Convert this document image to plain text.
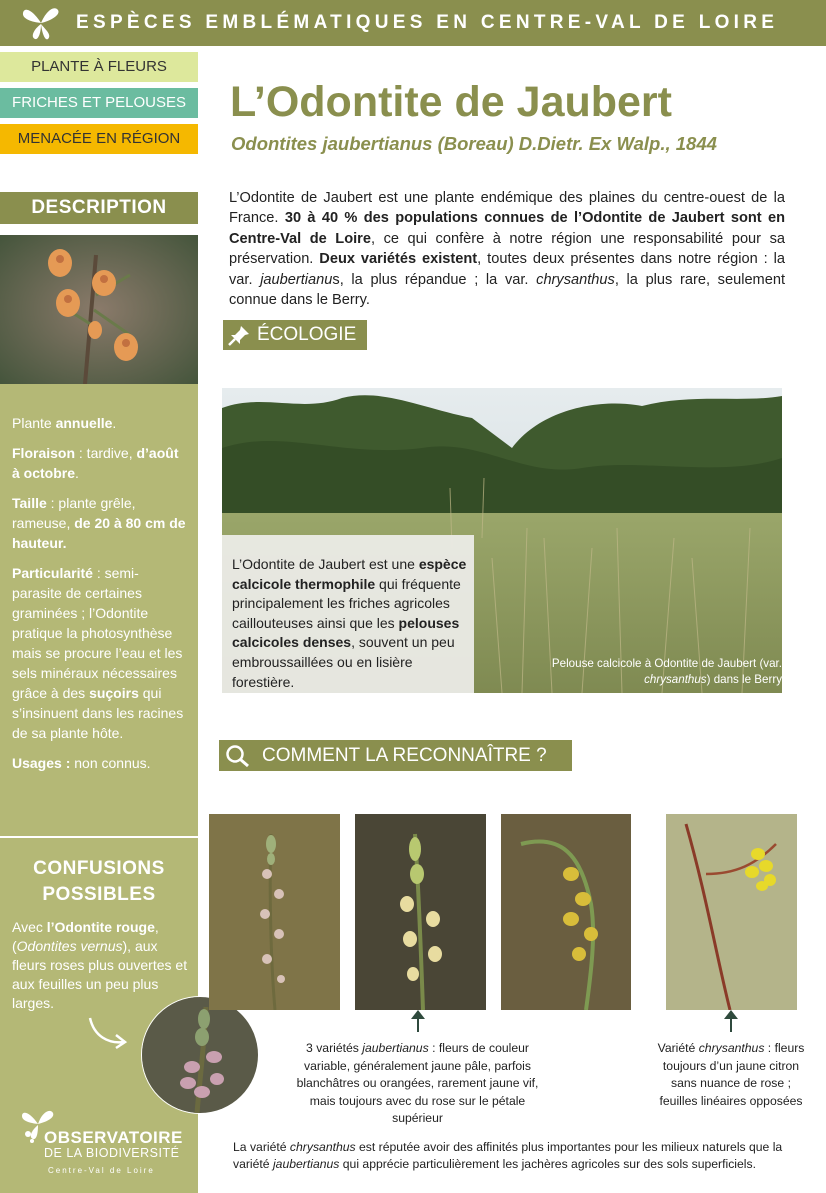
ESPÈCES EMBLÉMATIQUES EN CENTRE-VAL DE LOIRE
PLANTE À FLEURS
FRICHES ET PELOUSES
MENACÉE EN RÉGION
L’Odontite de Jaubert
Odontites jaubertianus (Boreau) D.Dietr. Ex Walp., 1844
L’Odontite de Jaubert est une plante endémique des plaines du centre-ouest de la France. 30 à 40 % des populations connues de l’Odontite de Jaubert sont en Centre-Val de Loire, ce qui confère à notre région une responsabilité pour sa préservation. Deux variétés existent, toutes deux présentes dans notre région : la var. jaubertianus, la plus répandue ; la var. chrysanthus, la plus rare, seulement connue dans le Berry.
DESCRIPTION

Plante annuelle.

Floraison : tardive, d’août à octobre.

Taille : plante grêle, rameuse, de 20 à 80 cm de hauteur.

Particularité : semi-parasite de certaines graminées ; l’Odontite pratique la photosynthèse mais se procure l’eau et les sels minéraux nécessaires grâce à des suçoirs qui s’insinuent dans les racines de sa plante hôte.

Usages : non connus.

CONFUSIONS POSSIBLES
Avec l’Odontite rouge, (Odontites vernus), aux fleurs roses plus ouvertes et aux feuilles un peu plus larges.
OBSERVATOIRE
DE LA BIODIVERSITÉ
Centre-Val de Loire
ÉCOLOGIE
L’Odontite de Jaubert est une espèce calcicole thermophile qui fréquente principalement les friches agricoles caillouteuses ainsi que les pelouses calcicoles denses, souvent un peu embroussaillées ou en lisière forestière.
Pelouse calcicole à Odontite de Jaubert (var. chrysanthus) dans le Berry
COMMENT LA RECONNAÎTRE ?
3 variétés jaubertianus : fleurs de couleur variable, généralement jaune pâle, parfois blanchâtres ou orangées, rarement jaune vif, mais toujours avec du rose sur le pétale supérieur
Variété chrysanthus : fleurs toujours d’un jaune citron sans nuance de rose ; feuilles linéaires opposées
La variété chrysanthus est réputée avoir des affinités plus importantes pour les milieux naturels que la variété jaubertianus qui apprécie particulièrement les jachères agricoles sur des sols superficiels.
